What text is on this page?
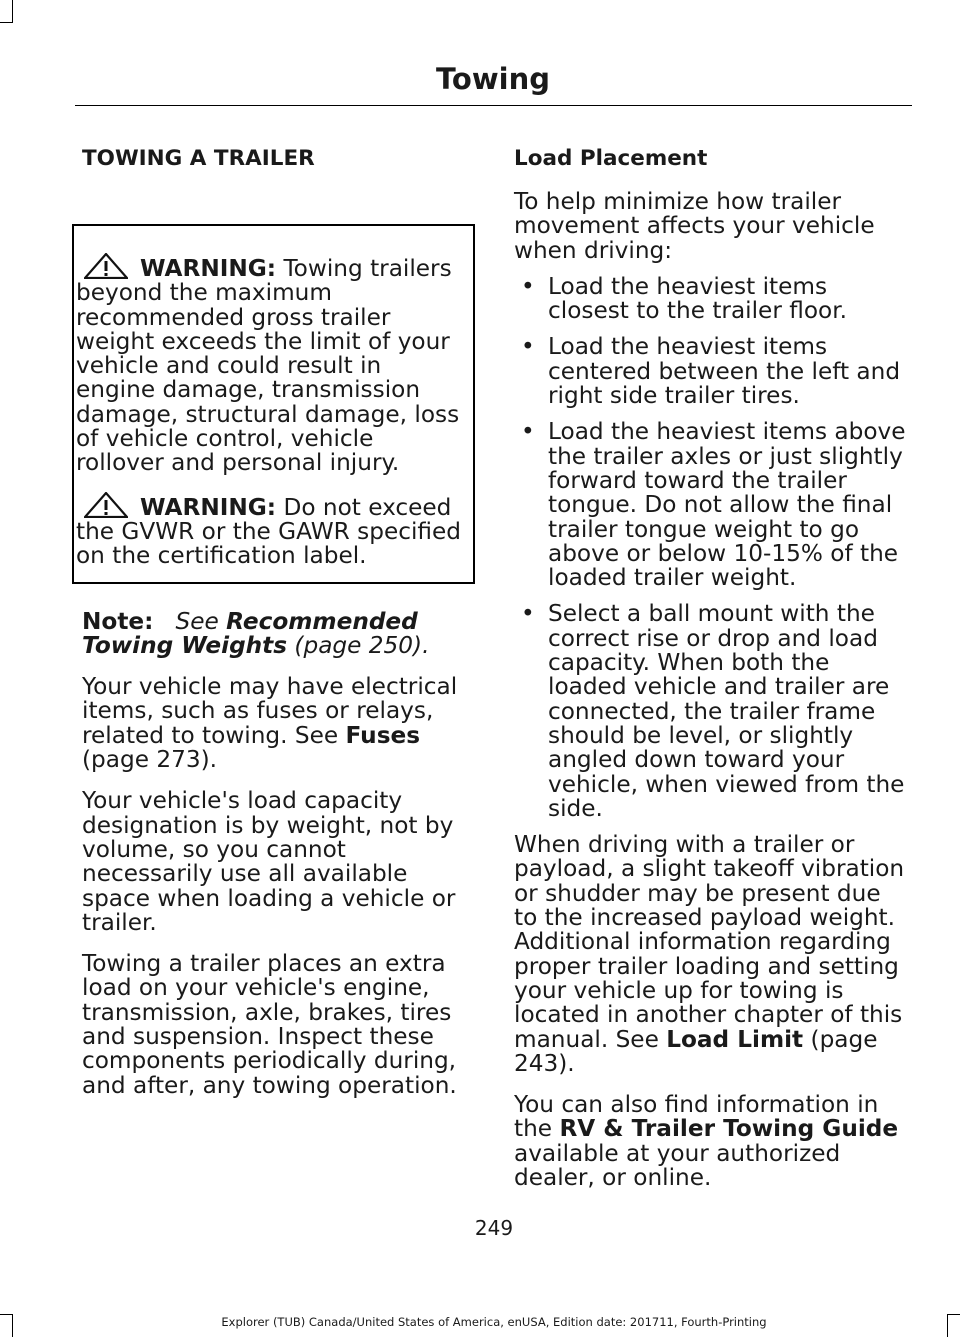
Towing
TOWING A TRAILER

WARNING: Towing trailers beyond the maximum recommended gross trailer weight exceeds the limit of your vehicle and could result in engine damage, transmission damage, structural damage, loss of vehicle control, vehicle rollover and personal injury.

WARNING: Do not exceed the GVWR or the GAWR specified on the certification label.

Note: See Recommended Towing Weights (page 250).

Your vehicle may have electrical items, such as fuses or relays, related to towing. See Fuses (page 273).

Your vehicle's load capacity designation is by weight, not by volume, so you cannot necessarily use all available space when loading a vehicle or trailer.

Towing a trailer places an extra load on your vehicle's engine, transmission, axle, brakes, tires and suspension. Inspect these components periodically during, and after, any towing operation.

Load Placement

To help minimize how trailer movement affects your vehicle when driving:

• Load the heaviest items closest to the trailer floor.
• Load the heaviest items centered between the left and right side trailer tires.
• Load the heaviest items above the trailer axles or just slightly forward toward the trailer tongue. Do not allow the final trailer tongue weight to go above or below 10-15% of the loaded trailer weight.
• Select a ball mount with the correct rise or drop and load capacity. When both the loaded vehicle and trailer are connected, the trailer frame should be level, or slightly angled down toward your vehicle, when viewed from the side.

When driving with a trailer or payload, a slight takeoff vibration or shudder may be present due to the increased payload weight. Additional information regarding proper trailer loading and setting your vehicle up for towing is located in another chapter of this manual. See Load Limit (page 243).

You can also find information in the RV & Trailer Towing Guide available at your authorized dealer, or online.

249
Explorer (TUB) Canada/United States of America, enUSA, Edition date: 201711, Fourth-Printing
